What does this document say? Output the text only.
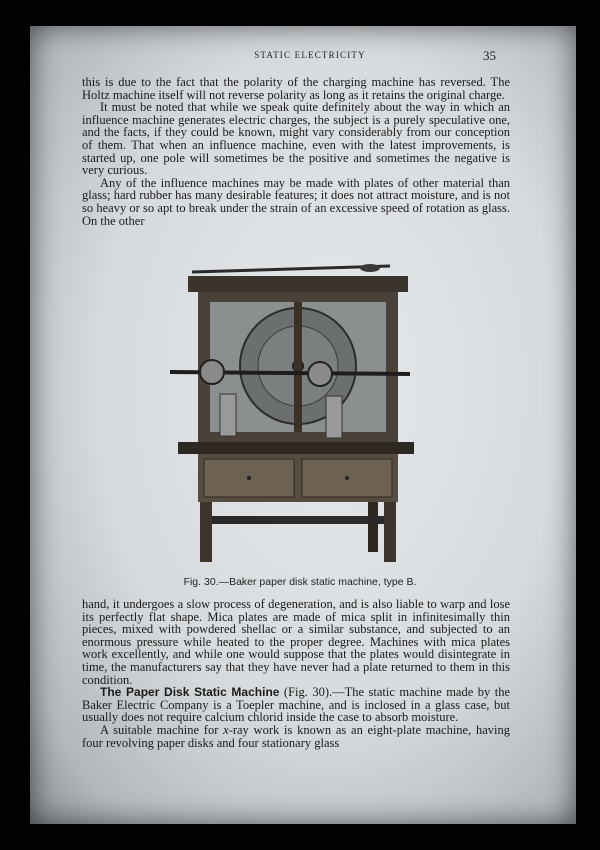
STATIC ELECTRICITY	35

this is due to the fact that the polarity of the charging machine has reversed. The Holtz machine itself will not reverse polarity as long as it retains the original charge.

It must be noted that while we speak quite definitely about the way in which an influence machine generates electric charges, the subject is a purely speculative one, and the facts, if they could be known, might vary considerably from our conception of them. That when an influence machine, even with the latest improvements, is started up, one pole will sometimes be the positive and sometimes the negative is very curious.

Any of the influence machines may be made with plates of other material than glass; hard rubber has many desirable features; it does not attract moisture, and is not so heavy or so apt to break under the strain of an excessive speed of rotation as glass. On the other

Fig. 30.—Baker paper disk static machine, type B.

hand, it undergoes a slow process of degeneration, and is also liable to warp and lose its perfectly flat shape. Mica plates are made of mica split in infinitesimally thin pieces, mixed with powdered shellac or a similar substance, and subjected to an enormous pressure while heated to the proper degree. Machines with mica plates work excellently, and while one would suppose that the plates would disintegrate in time, the manufacturers say that they have never had a plate returned to them in this condition.

The Paper Disk Static Machine (Fig. 30).—The static machine made by the Baker Electric Company is a Toepler machine, and is inclosed in a glass case, but usually does not require calcium chlorid inside the case to absorb moisture.

A suitable machine for x-ray work is known as an eight-plate machine, having four revolving paper disks and four stationary glass
